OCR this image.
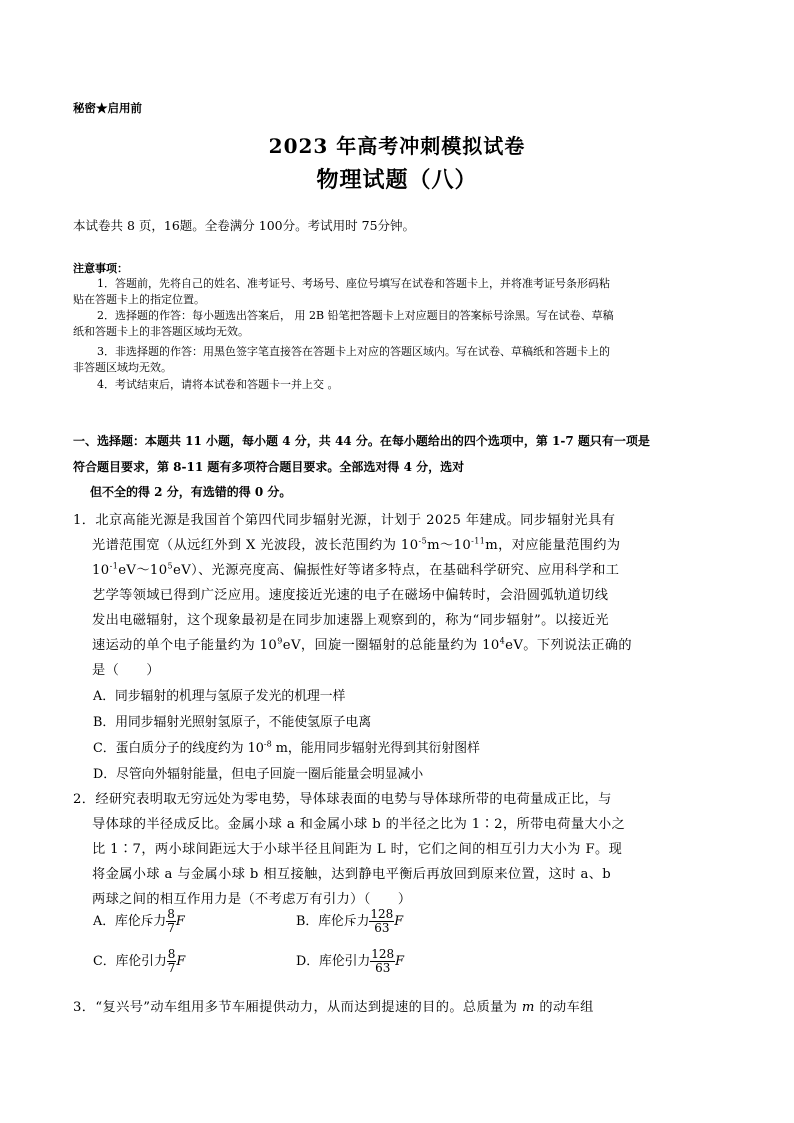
秘密★启用前
2023 年高考冲刺模拟试卷
物理试题（八）
本试卷共 8 页，16题。全卷满分 100分。考试用时 75分钟。
注意事项：
1．答题前，先将自己的姓名、准考证号、考场号、座位号填写在试卷和答题卡上，并将准考证号条形码粘
贴在答题卡上的指定位置。
2．选择题的作答：每小题选出答案后， 用 2B 铅笔把答题卡上对应题目的答案标号涂黑。写在试卷、草稿
纸和答题卡上的非答题区域均无效。
3．非选择题的作答：用黑色签字笔直接答在答题卡上对应的答题区域内。写在试卷、草稿纸和答题卡上的
非答题区域均无效。
4．考试结束后，请将本试卷和答题卡一并上交 。
一、选择题：本题共 11 小题，每小题 4 分，共 44 分。在每小题给出的四个选项中，第 1-7 题只有一项是
符合题目要求，第 8-11 题有多项符合题目要求。全部选对得 4 分，选对
但不全的得 2 分，有选错的得 0 分。
1．北京高能光源是我国首个第四代同步辐射光源，计划于 2025 年建成。同步辐射光具有
光谱范围宽（从远红外到 X 光波段，波长范围约为 $10^{-5}m\sim 10^{-11}m$，对应能量范围约为
$10^{-1}eV\sim 10^5eV$）、光源亮度高、偏振性好等诸多特点，在基础科学研究、应用科学和工
艺学等领域已得到广泛应用。速度接近光速的电子在磁场中偏转时，会沿圆弧轨道切线
发出电磁辐射，这个现象最初是在同步加速器上观察到的，称为“同步辐射”。以接近光
速运动的单个电子能量约为 $10^9eV$，回旋一圈辐射的总能量约为 $10^4eV$。下列说法正确的
是（　　）
A．同步辐射的机理与氢原子发光的机理一样
B．用同步辐射光照射氢原子，不能使氢原子电离
C．蛋白质分子的线度约为 $10^{-8}$ m，能用同步辐射光得到其衍射图样
D．尽管向外辐射能量，但电子回旋一圈后能量会明显减小
2．经研究表明取无穷远处为零电势，导体球表面的电势与导体球所带的电荷量成正比，与
导体球的半径成反比。金属小球 a 和金属小球 b 的半径之比为 1∶2，所带电荷量大小之
比 1∶7，两小球间距远大于小球半径且间距为 L 时，它们之间的相互引力大小为 F。现
将金属小球 a 与金属小球 b 相互接触，达到静电平衡后再放回到原来位置，这时 a、b
两球之间的相互作用力是（不考虑万有引力）（　　）
A．库伦斥力 $\frac{8}{7}$ F	B．库伦斥力 $\frac{128}{63}$ F
C．库伦引力 $\frac{8}{7}$ F	D．库伦引力 $\frac{128}{63}$ F
3．“复兴号”动车组用多节车厢提供动力，从而达到提速的目的。总质量为 m 的动车组
